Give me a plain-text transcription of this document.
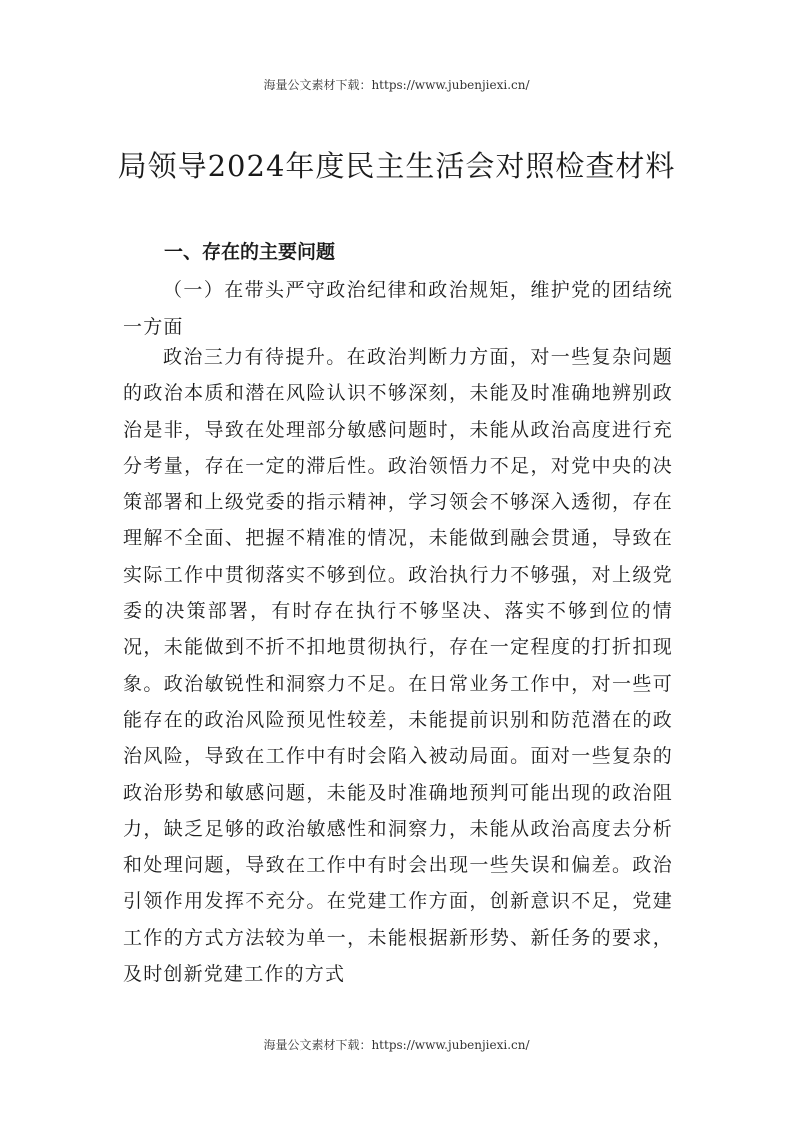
海量公文素材下载：https://www.jubenjiexi.cn/
局领导2024年度民主生活会对照检查材料
一、存在的主要问题

（一）在带头严守政治纪律和政治规矩，维护党的团结统一方面

政治三力有待提升。在政治判断力方面，对一些复杂问题的政治本质和潜在风险认识不够深刻，未能及时准确地辨别政治是非，导致在处理部分敏感问题时，未能从政治高度进行充分考量，存在一定的滞后性。政治领悟力不足，对党中央的决策部署和上级党委的指示精神，学习领会不够深入透彻，存在理解不全面、把握不精准的情况，未能做到融会贯通，导致在实际工作中贯彻落实不够到位。政治执行力不够强，对上级党委的决策部署，有时存在执行不够坚决、落实不够到位的情况，未能做到不折不扣地贯彻执行，存在一定程度的打折扣现象。政治敏锐性和洞察力不足。在日常业务工作中，对一些可能存在的政治风险预见性较差，未能提前识别和防范潜在的政治风险，导致在工作中有时会陷入被动局面。面对一些复杂的政治形势和敏感问题，未能及时准确地预判可能出现的政治阻力，缺乏足够的政治敏感性和洞察力，未能从政治高度去分析和处理问题，导致在工作中有时会出现一些失误和偏差。政治引领作用发挥不充分。在党建工作方面，创新意识不足，党建工作的方式方法较为单一，未能根据新形势、新任务的要求，及时创新党建工作的方式

海量公文素材下载：https://www.jubenjiexi.cn/
